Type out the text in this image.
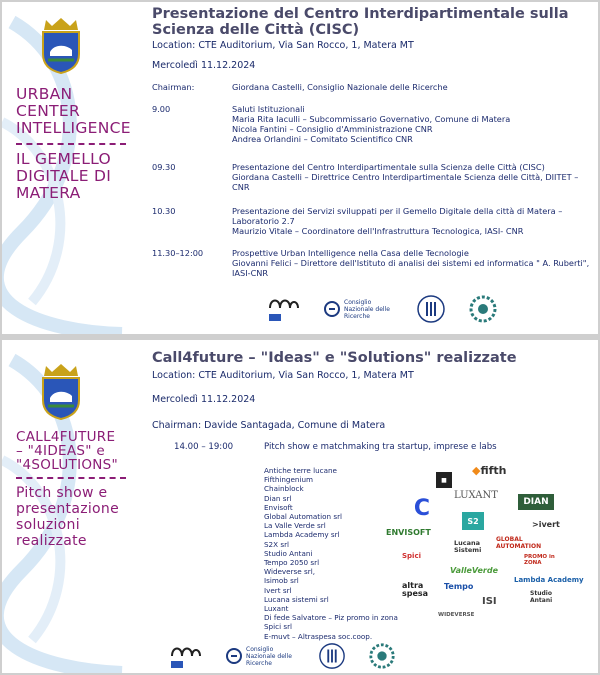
URBAN
CENTER
INTELLIGENCE
IL GEMELLO
DIGITALE DI
MATERA
Presentazione del Centro Interdipartimentale sulla Scienza delle Città (CISC)
Location: CTE Auditorium, Via San Rocco, 1, Matera MT
Mercoledì 11.12.2024
Chairman:	Giordana Castelli, Consiglio Nazionale delle Ricerche
9.00	Saluti Istituzionali
Maria Rita Iaculli – Subcommissario Governativo, Comune di Matera
Nicola Fantini – Consiglio d'Amministrazione CNR
Andrea Orlandini – Comitato Scientifico CNR
09.30	Presentazione del Centro Interdipartimentale sulla Scienza delle Città (CISC)
Giordana Castelli – Direttrice Centro Interdipartimentale Scienza delle Città, DIITET – CNR
10.30	Presentazione dei Servizi sviluppati per il Gemello Digitale della città di Matera – Laboratorio 2.7
Maurizio Vitale – Coordinatore dell'Infrastruttura Tecnologica, IASI- CNR
11.30–12:00	Prospettive Urban Intelligence nella Casa delle Tecnologie
Giovanni Felici – Direttore dell'Istituto di analisi dei sistemi ed informatica " A. Ruberti", IASI-CNR
Consiglio Nazionale delle Ricerche
CALL4FUTURE
– "4IDEAS" e
"4SOLUTIONS"
Pitch show e
presentazione
soluzioni
realizzate
Call4future – "Ideas" e "Solutions" realizzate
Location: CTE Auditorium, Via San Rocco, 1, Matera MT
Mercoledì 11.12.2024
Chairman: Davide Santagada, Comune di Matera
14.00 – 19:00	Pitch show e matchmaking tra startup, imprese e labs
Antiche terre lucane
Fifthingenium
Chainblock
Dian srl
Envisoft
Global Automation srl
La Valle Verde srl
Lambda Academy srl
S2X srl
Studio Antani
Tempo 2050 srl
Wideverse srl,
Isimob srl
Ivert srl
Lucana sistemi srl
Luxant
Di fede Salvatore – Piz promo in zona
Spici srl
E-muvt – Altraspesa soc.coop.
■
◆ fifth
LUXANT
DIAN
C
S2
ENVISOFT
Lucana Sistemi
>ivert
GLOBAL AUTOMATION
Spici
ValleVerde
PROMO in ZONA
Lambda Academy
altra spesa
Tempo
ISI
Studio Antani
WIDEVERSE
Consiglio Nazionale delle Ricerche
